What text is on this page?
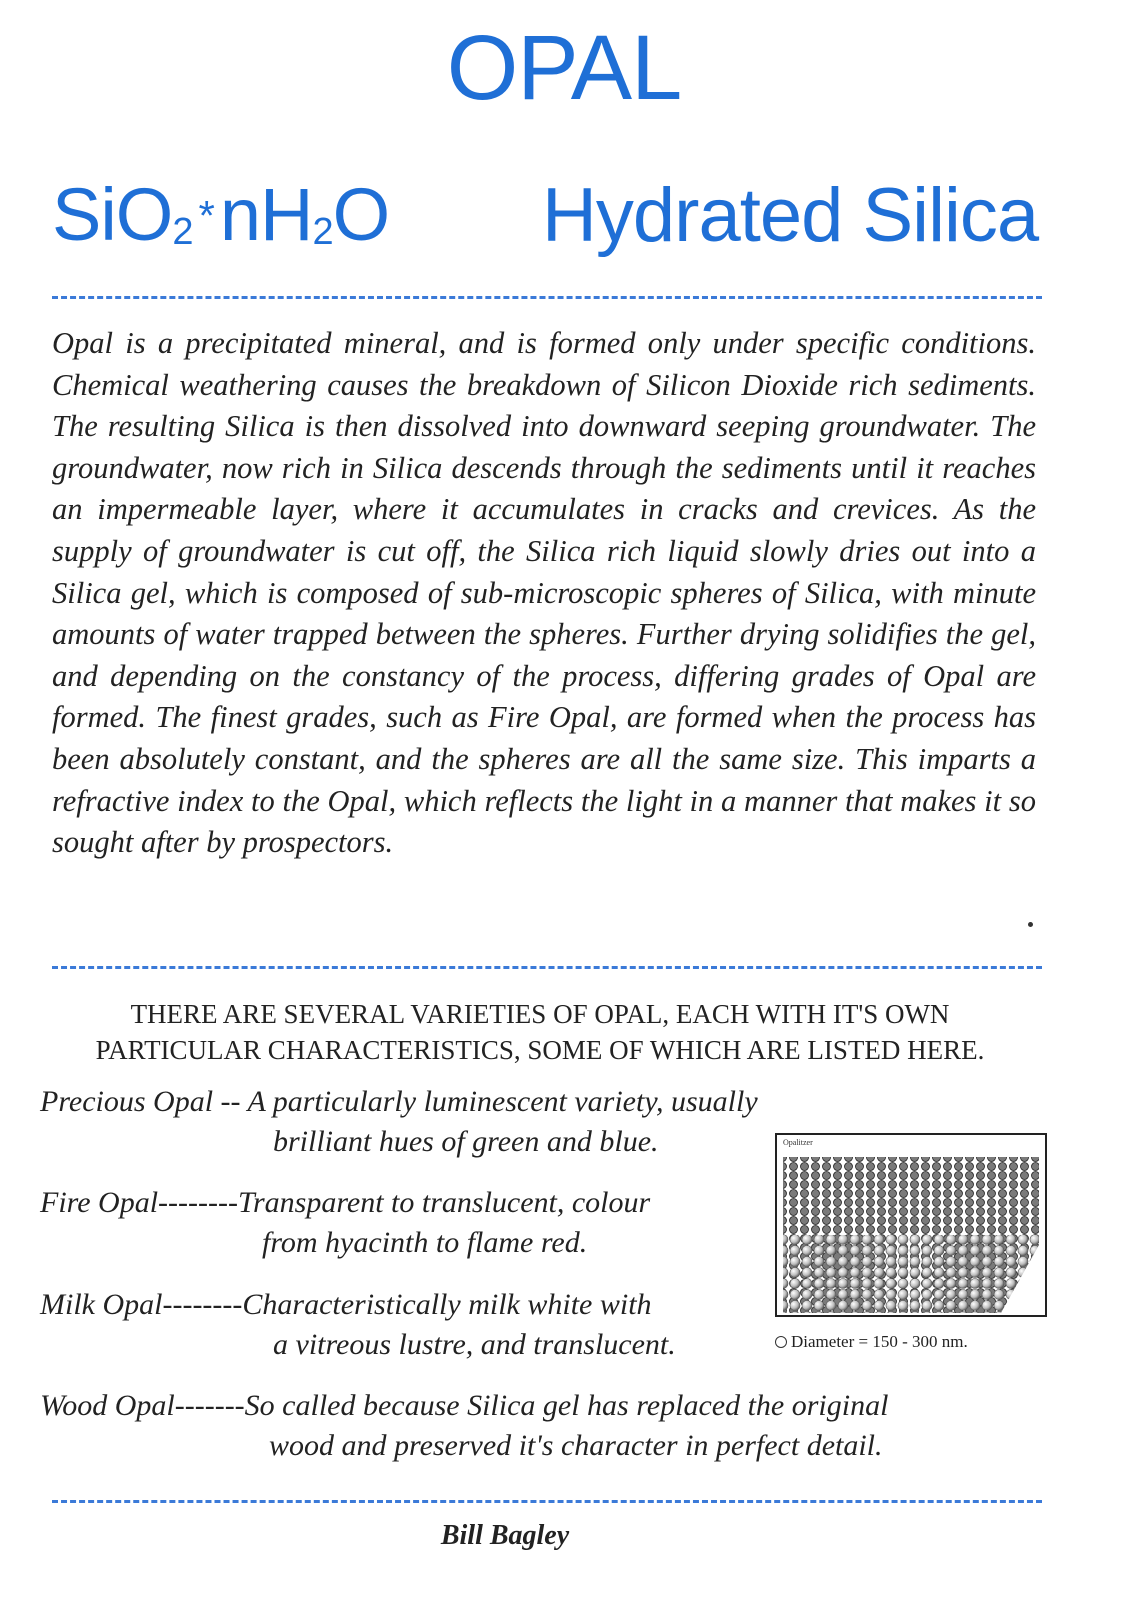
OPAL
SiO$_2$ $*nH_2O$ Hydrated Silica
Opal is a precipitated mineral, and is formed only under specific conditions. Chemical weathering causes the breakdown of Silicon Dioxide rich sediments. The resulting Silica is then dissolved into downward seeping groundwater. The groundwater, now rich in Silica descends through the sediments until it reaches an impermeable layer, where it accumulates in cracks and crevices. As the supply of groundwater is cut off, the Silica rich liquid slowly dries out into a Silica gel, which is composed of sub-microscopic spheres of Silica, with minute amounts of water trapped between the spheres. Further drying solidifies the gel, and depending on the constancy of the process, differing grades of Opal are formed. The finest grades, such as Fire Opal, are formed when the process has been absolutely constant, and the spheres are all the same size. This imparts a refractive index to the Opal, which reflects the light in a manner that makes it so sought after by prospectors.
THERE ARE SEVERAL VARIETIES OF OPAL, EACH WITH IT'S OWN
PARTICULAR CHARACTERISTICS, SOME OF WHICH ARE LISTED HERE.
Precious Opal -- A particularly luminescent variety, usually
brilliant hues of green and blue.
Fire Opal--------Transparent to translucent, colour
from hyacinth to flame red.
Milk Opal--------Characteristically milk white with
a vitreous lustre, and translucent.
Wood Opal-------So called because Silica gel has replaced the original
wood and preserved it's character in perfect detail.
Opalitzer
Diameter = 150 - 300 nm.
Bill Bagley
